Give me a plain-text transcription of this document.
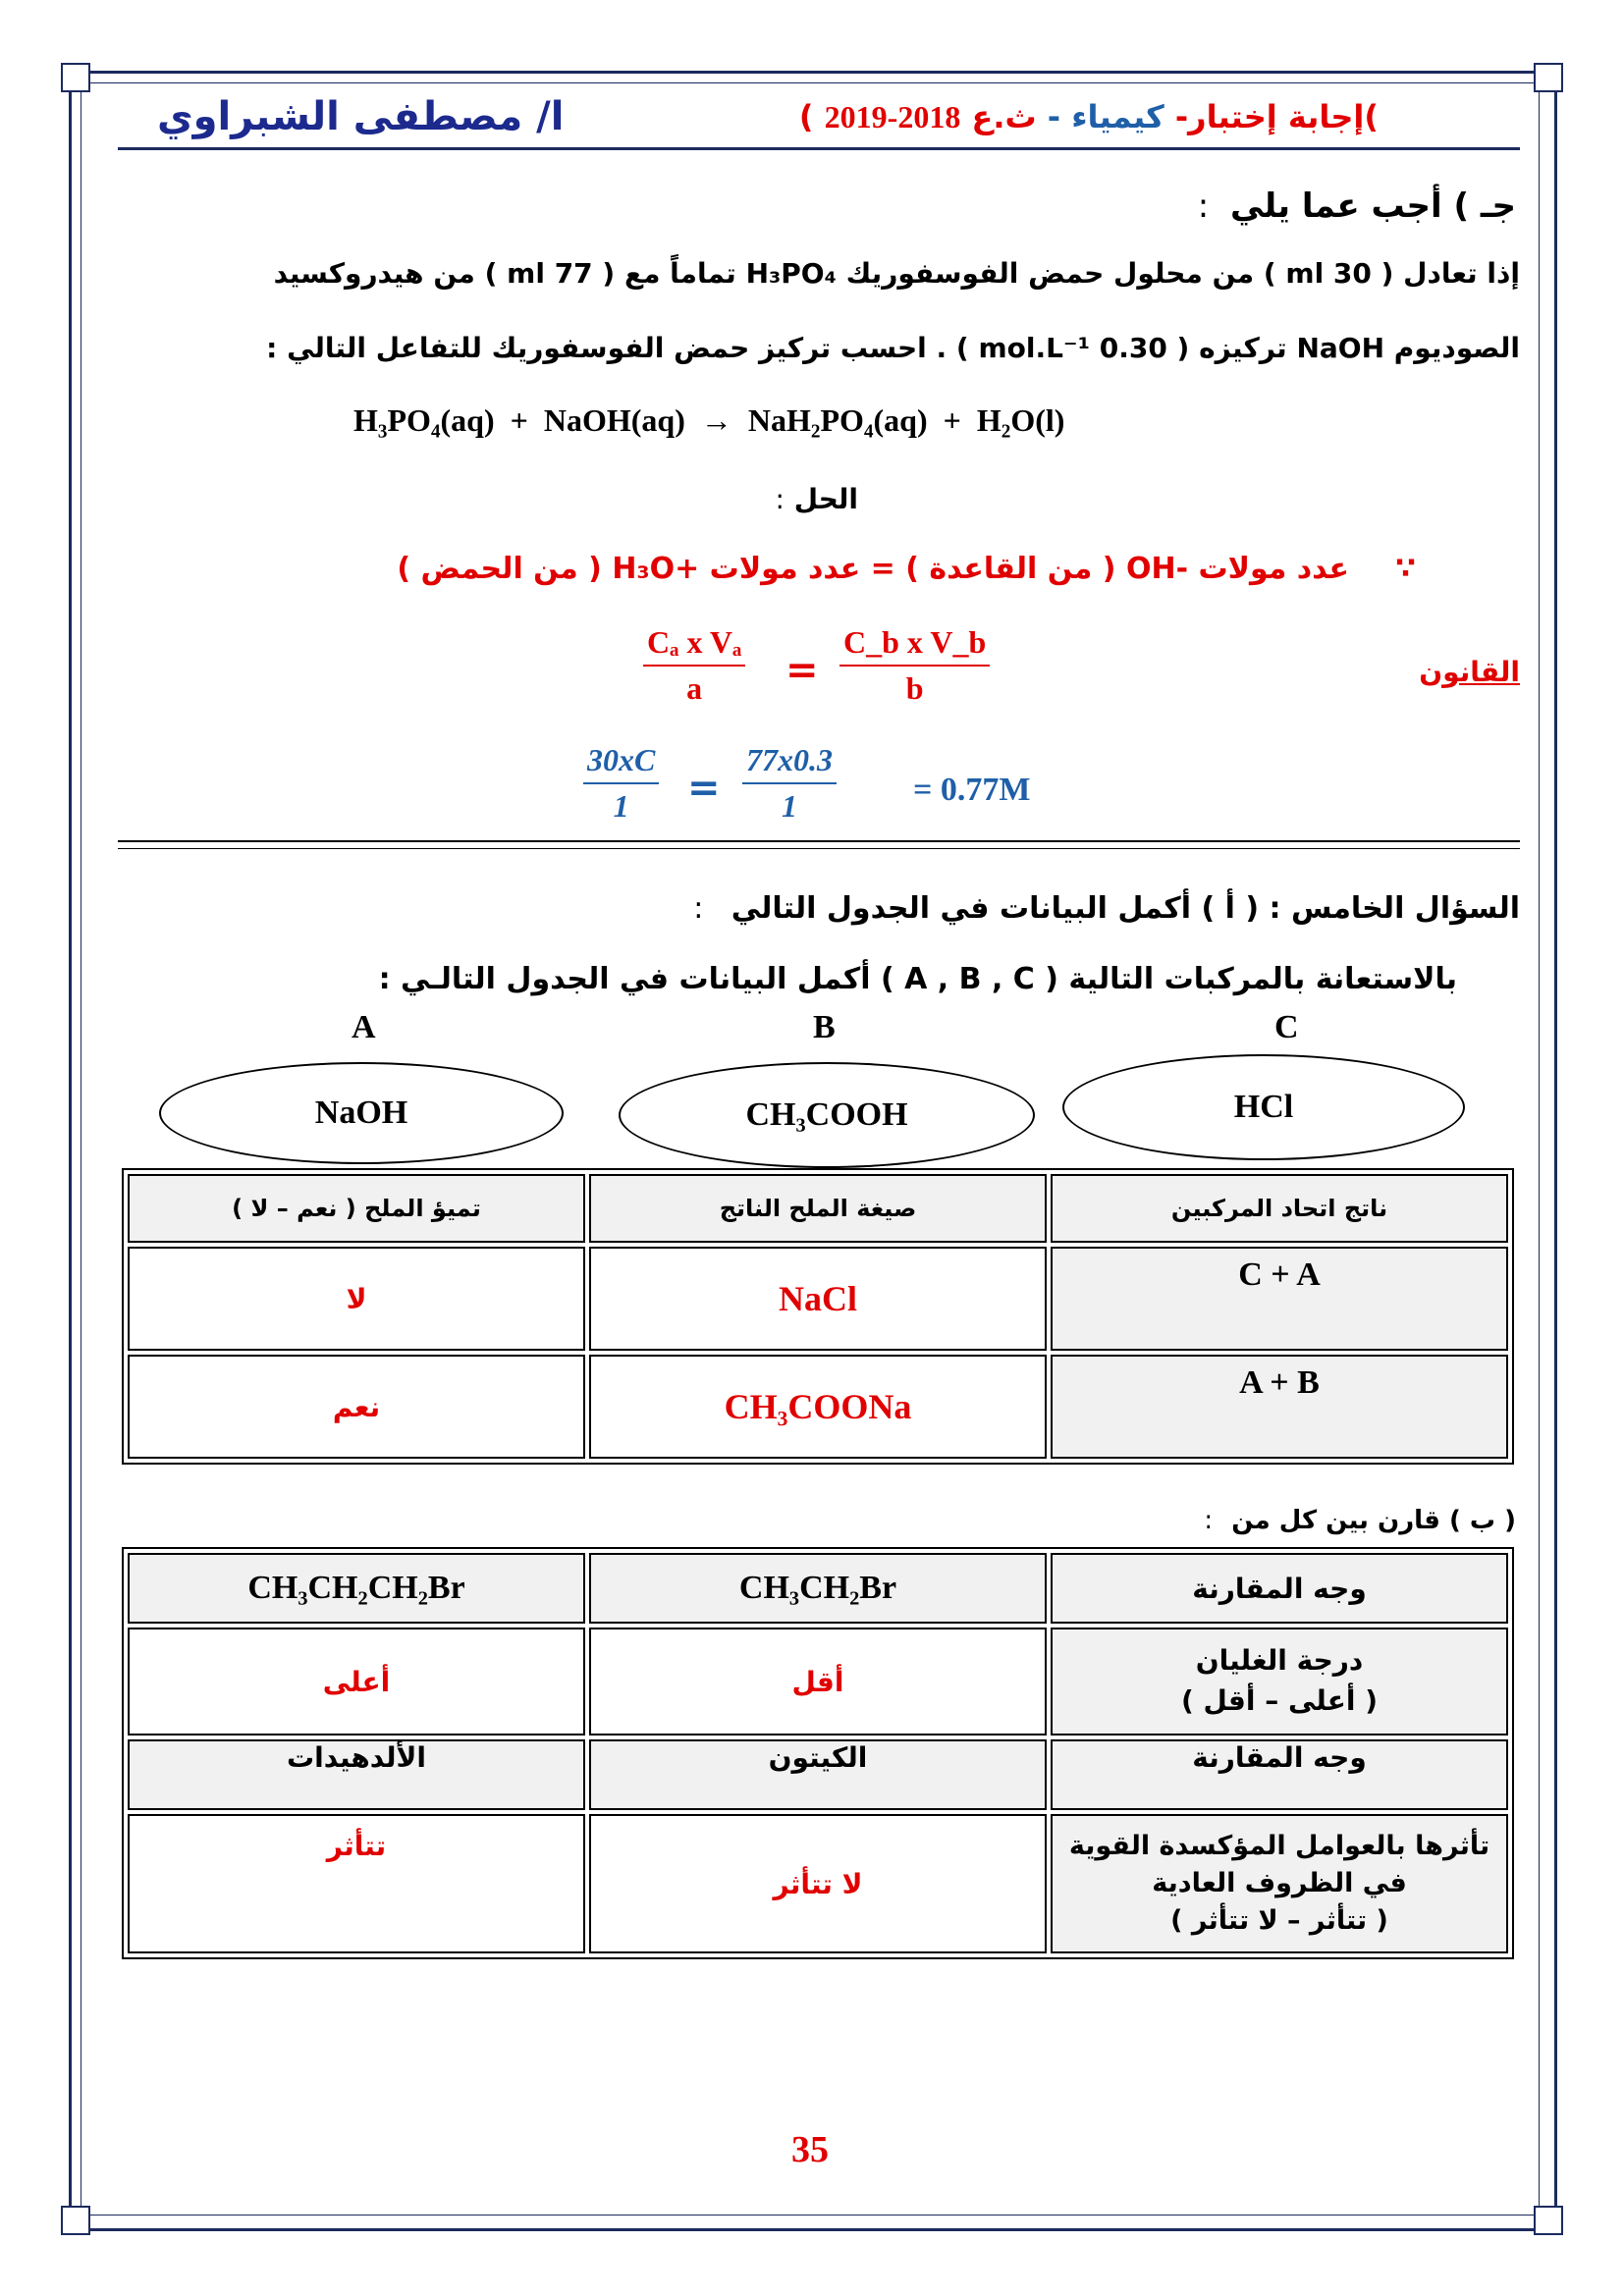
ا/ مصطفى الشبراوي	)إجابة إختبار- كيمياء - ث.ع 2018-2019 )
جـ ) أجب عما يلي :
إذا تعادل ( 30 ml ) من محلول حمض الفوسفوريك H₃PO₄ تماماً مع ( 77 ml ) من هيدروكسيد
الصوديوم NaOH تركيزه ( 0.30 mol.L⁻¹ ) . احسب تركيز حمض الفوسفوريك للتفاعل التالي :
H₃PO₄(aq)  +  NaOH(aq)  →  NaH₂PO₄(aq)  +  H₂O(l)
الحل :
∵
عدد مولات -OH ( من القاعدة ) = عدد مولات +H₃O ( من الحمض )
القانون
$\frac{\text{Cₐ x Vₐ}}{a} = \frac{\text{C\_b x V\_b}}{b}$
$\frac{30xC}{1} = \frac{77x0.3}{1} = 0.77M$
السؤال الخامس : ( أ ) أكمل البيانات في الجدول التالي :
بالاستعانة بالمركبات التالية ( A , B , C ) أكمل البيانات في الجدول التالـي :
A	B	C
NaOH	CH₃COOH	HCl
ناتج اتحاد المركبين	صيغة الملح الناتج	تميؤ الملح ( نعم – لا )
C + A	NaCl	لا
A + B	CH₃COONa	نعم
( ب ) قارن بين كل من :
وجه المقارنة	CH₃CH₂Br	CH₃CH₂CH₂Br

درجة الغليان
( أعلى – أقل )	أقل	أعلى
وجه المقارنة	الكيتون	الألدهيدات

تأثرها بالعوامل المؤكسدة القوية
في الظروف العادية
( تتأثر – لا تتأثر )	لا تتأثر	تتأثر
35
